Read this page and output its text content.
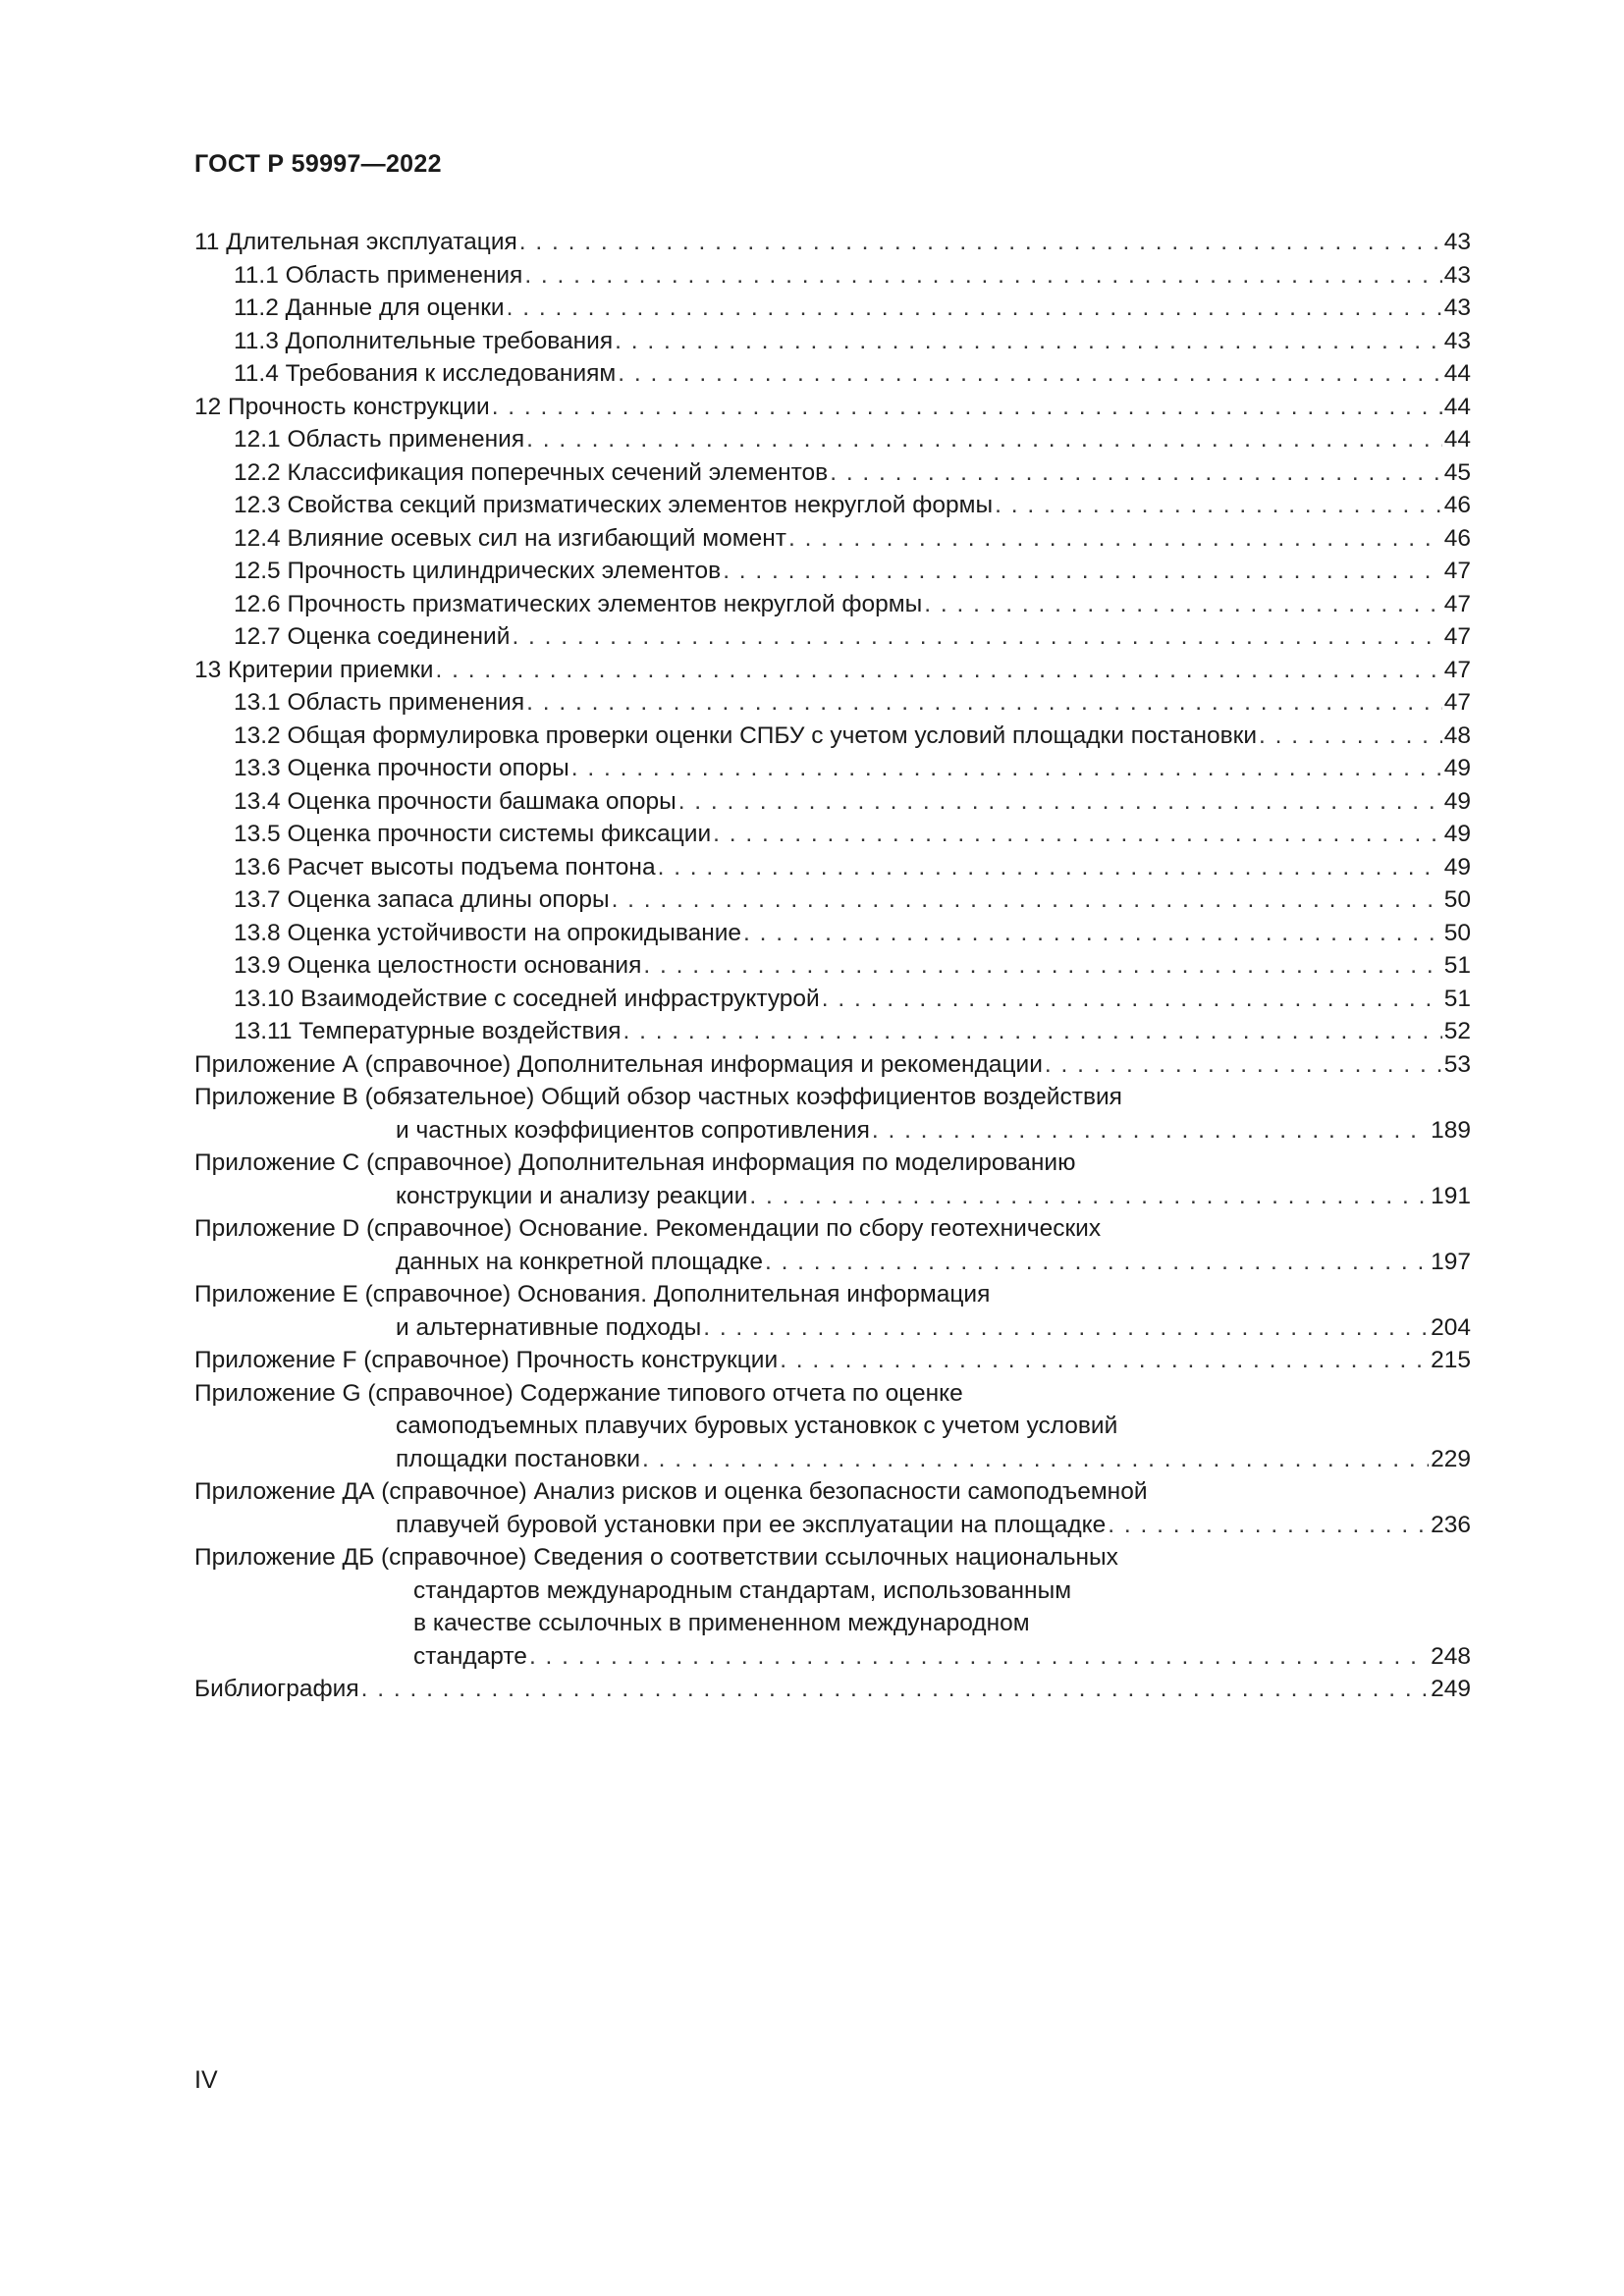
ГОСТ Р 59997—2022
11 Длительная эксплуатация . . .	43
11.1 Область применения . . .	43
11.2 Данные для оценки . . .	43
11.3 Дополнительные требования . . .	43
11.4 Требования к исследованиям . . .	44
12 Прочность конструкции . . .	44
12.1 Область применения . . .	44
12.2 Классификация поперечных сечений элементов . . .	45
12.3 Свойства секций призматических элементов некруглой формы . . .	46
12.4 Влияние осевых сил на изгибающий момент . . .	46
12.5 Прочность цилиндрических элементов . . .	47
12.6 Прочность призматических элементов некруглой формы . . .	47
12.7 Оценка соединений . . .	47
13 Критерии приемки . . .	47
13.1 Область применения . . .	47
13.2 Общая формулировка проверки оценки СПБУ с учетом условий площадки постановки . . .	48
13.3 Оценка прочности опоры . . .	49
13.4 Оценка прочности башмака опоры . . .	49
13.5 Оценка прочности системы фиксации . . .	49
13.6 Расчет высоты подъема понтона . . .	49
13.7 Оценка запаса длины опоры . . .	50
13.8 Оценка устойчивости на опрокидывание . . .	50
13.9 Оценка целостности основания . . .	51
13.10 Взаимодействие с соседней инфраструктурой . . .	51
13.11 Температурные воздействия . . .	52
Приложение А (справочное) Дополнительная информация и рекомендации . . .	53
Приложение В (обязательное) Общий обзор частных коэффициентов воздействия
и частных коэффициентов сопротивления . . .	189
Приложение С (справочное) Дополнительная информация по моделированию
конструкции и анализу реакции . . .	191
Приложение D (справочное) Основание. Рекомендации по сбору геотехнических
данных на конкретной площадке . . .	197
Приложение Е (справочное) Основания. Дополнительная информация
и альтернативные подходы . . .	204
Приложение F (справочное) Прочность конструкции . . .	215
Приложение G (справочное) Содержание типового отчета по оценке
самоподъемных плавучих буровых установкок с учетом условий
площадки постановки . . .	229
Приложение ДА (справочное) Анализ рисков и оценка безопасности самоподъемной
плавучей буровой установки при ее эксплуатации на площадке . . .	236
Приложение ДБ (справочное) Сведения о соответствии ссылочных национальных
стандартов международным стандартам, использованным
в качестве ссылочных в примененном международном
стандарте . . .	248
Библиография . . .	249
IV
